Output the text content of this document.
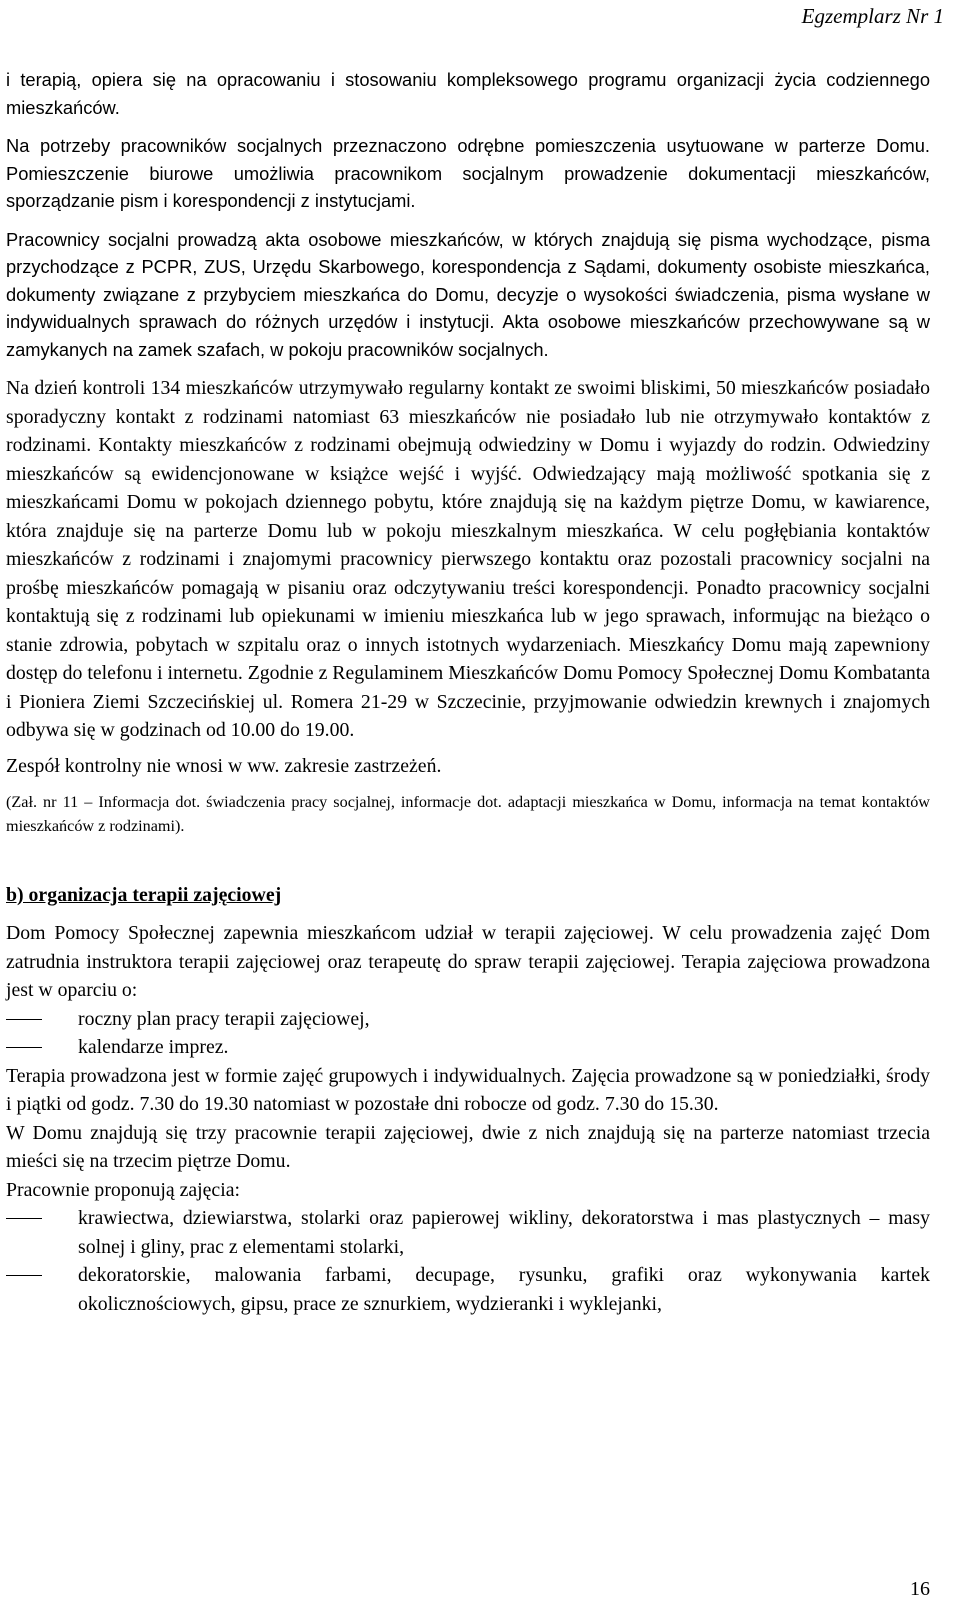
Egzemplarz Nr 1

i terapią, opiera się na opracowaniu i stosowaniu kompleksowego programu organizacji życia codziennego mieszkańców.

Na potrzeby pracowników socjalnych przeznaczono odrębne pomieszczenia usytuowane w parterze Domu. Pomieszczenie biurowe umożliwia pracownikom socjalnym prowadzenie dokumentacji mieszkańców, sporządzanie pism i korespondencji z instytucjami.

Pracownicy socjalni prowadzą akta osobowe mieszkańców, w których znajdują się pisma wychodzące, pisma przychodzące z PCPR, ZUS, Urzędu Skarbowego, korespondencja z Sądami, dokumenty osobiste mieszkańca, dokumenty związane z przybyciem mieszkańca do Domu, decyzje o wysokości świadczenia, pisma wysłane w indywidualnych sprawach do różnych urzędów i instytucji. Akta osobowe mieszkańców przechowywane są w zamykanych na zamek szafach, w pokoju pracowników socjalnych.

Na dzień kontroli 134 mieszkańców utrzymywało regularny kontakt ze swoimi bliskimi, 50 mieszkańców posiadało sporadyczny kontakt z rodzinami natomiast 63 mieszkańców nie posiadało lub nie otrzymywało kontaktów z rodzinami. Kontakty mieszkańców z rodzinami obejmują odwiedziny w Domu i wyjazdy do rodzin. Odwiedziny mieszkańców są ewidencjonowane w książce wejść i wyjść. Odwiedzający mają możliwość spotkania się z mieszkańcami Domu w pokojach dziennego pobytu, które znajdują się na każdym piętrze Domu, w kawiarence, która znajduje się na parterze Domu lub w pokoju mieszkalnym mieszkańca. W celu pogłębiania kontaktów mieszkańców z rodzinami i znajomymi pracownicy pierwszego kontaktu oraz pozostali pracownicy socjalni na prośbę mieszkańców pomagają w pisaniu oraz odczytywaniu treści korespondencji. Ponadto pracownicy socjalni kontaktują się z rodzinami lub opiekunami w imieniu mieszkańca lub w jego sprawach, informując na bieżąco o stanie zdrowia, pobytach w szpitalu oraz o innych istotnych wydarzeniach. Mieszkańcy Domu mają zapewniony dostęp do telefonu i internetu. Zgodnie z Regulaminem Mieszkańców Domu Pomocy Społecznej Domu Kombatanta i Pioniera Ziemi Szczecińskiej ul. Romera 21-29 w Szczecinie, przyjmowanie odwiedzin krewnych i znajomych odbywa się w godzinach od 10.00 do 19.00.

Zespół kontrolny nie wnosi w ww. zakresie zastrzeżeń.

(Zał. nr 11 – Informacja dot. świadczenia pracy socjalnej, informacje dot. adaptacji mieszkańca w Domu, informacja na temat kontaktów mieszkańców z rodzinami).

b) organizacja terapii zajęciowej

Dom Pomocy Społecznej zapewnia mieszkańcom udział w terapii zajęciowej. W celu prowadzenia zajęć Dom zatrudnia instruktora terapii zajęciowej oraz terapeutę do spraw terapii zajęciowej. Terapia zajęciowa prowadzona jest w oparciu o:

roczny plan pracy terapii zajęciowej,
kalendarze imprez.

Terapia prowadzona jest w formie zajęć grupowych i indywidualnych. Zajęcia prowadzone są w poniedziałki, środy i piątki od godz. 7.30 do 19.30 natomiast w pozostałe dni robocze od godz. 7.30 do 15.30.

W Domu znajdują się trzy pracownie terapii zajęciowej, dwie z nich znajdują się na parterze natomiast trzecia mieści się na trzecim piętrze Domu.

Pracownie proponują zajęcia:

krawiectwa, dziewiarstwa, stolarki oraz papierowej wikliny, dekoratorstwa i mas plastycznych – masy solnej i gliny, prac z elementami stolarki,
dekoratorskie, malowania farbami, decupage, rysunku, grafiki oraz wykonywania kartek okolicznościowych, gipsu, prace ze sznurkiem, wydzieranki i wyklejanki,
16
